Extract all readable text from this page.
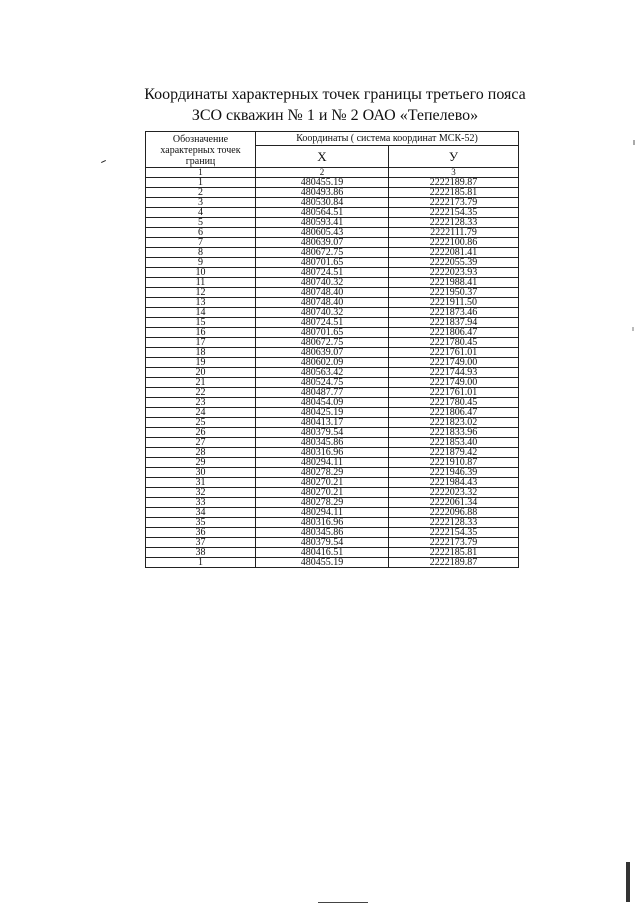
Координаты характерных точек границы третьего пояса
ЗСО скважин № 1 и № 2 ОАО «Тепелево»
Обозначение характерных точек границ	Координаты ( система координат МСК-52)	
	X	У
1	2	3
1	480455.19	2222189.87
2	480493.86	2222185.81
3	480530.84	2222173.79
4	480564.51	2222154.35
5	480593.41	2222128.33
6	480605.43	2222111.79
7	480639.07	2222100.86
8	480672.75	2222081.41
9	480701.65	2222055.39
10	480724.51	2222023.93
11	480740.32	2221988.41
12	480748.40	2221950.37
13	480748.40	2221911.50
14	480740.32	2221873.46
15	480724.51	2221837.94
16	480701.65	2221806.47
17	480672.75	2221780.45
18	480639.07	2221761.01
19	480602.09	2221749.00
20	480563.42	2221744.93
21	480524.75	2221749.00
22	480487.77	2221761.01
23	480454.09	2221780.45
24	480425.19	2221806.47
25	480413.17	2221823.02
26	480379.54	2221833.96
27	480345.86	2221853.40
28	480316.96	2221879.42
29	480294.11	2221910.87
30	480278.29	2221946.39
31	480270.21	2221984.43
32	480270.21	2222023.32
33	480278.29	2222061.34
34	480294.11	2222096.88
35	480316.96	2222128.33
36	480345.86	2222154.35
37	480379.54	2222173.79
38	480416.51	2222185.81
1	480455.19	2222189.87
